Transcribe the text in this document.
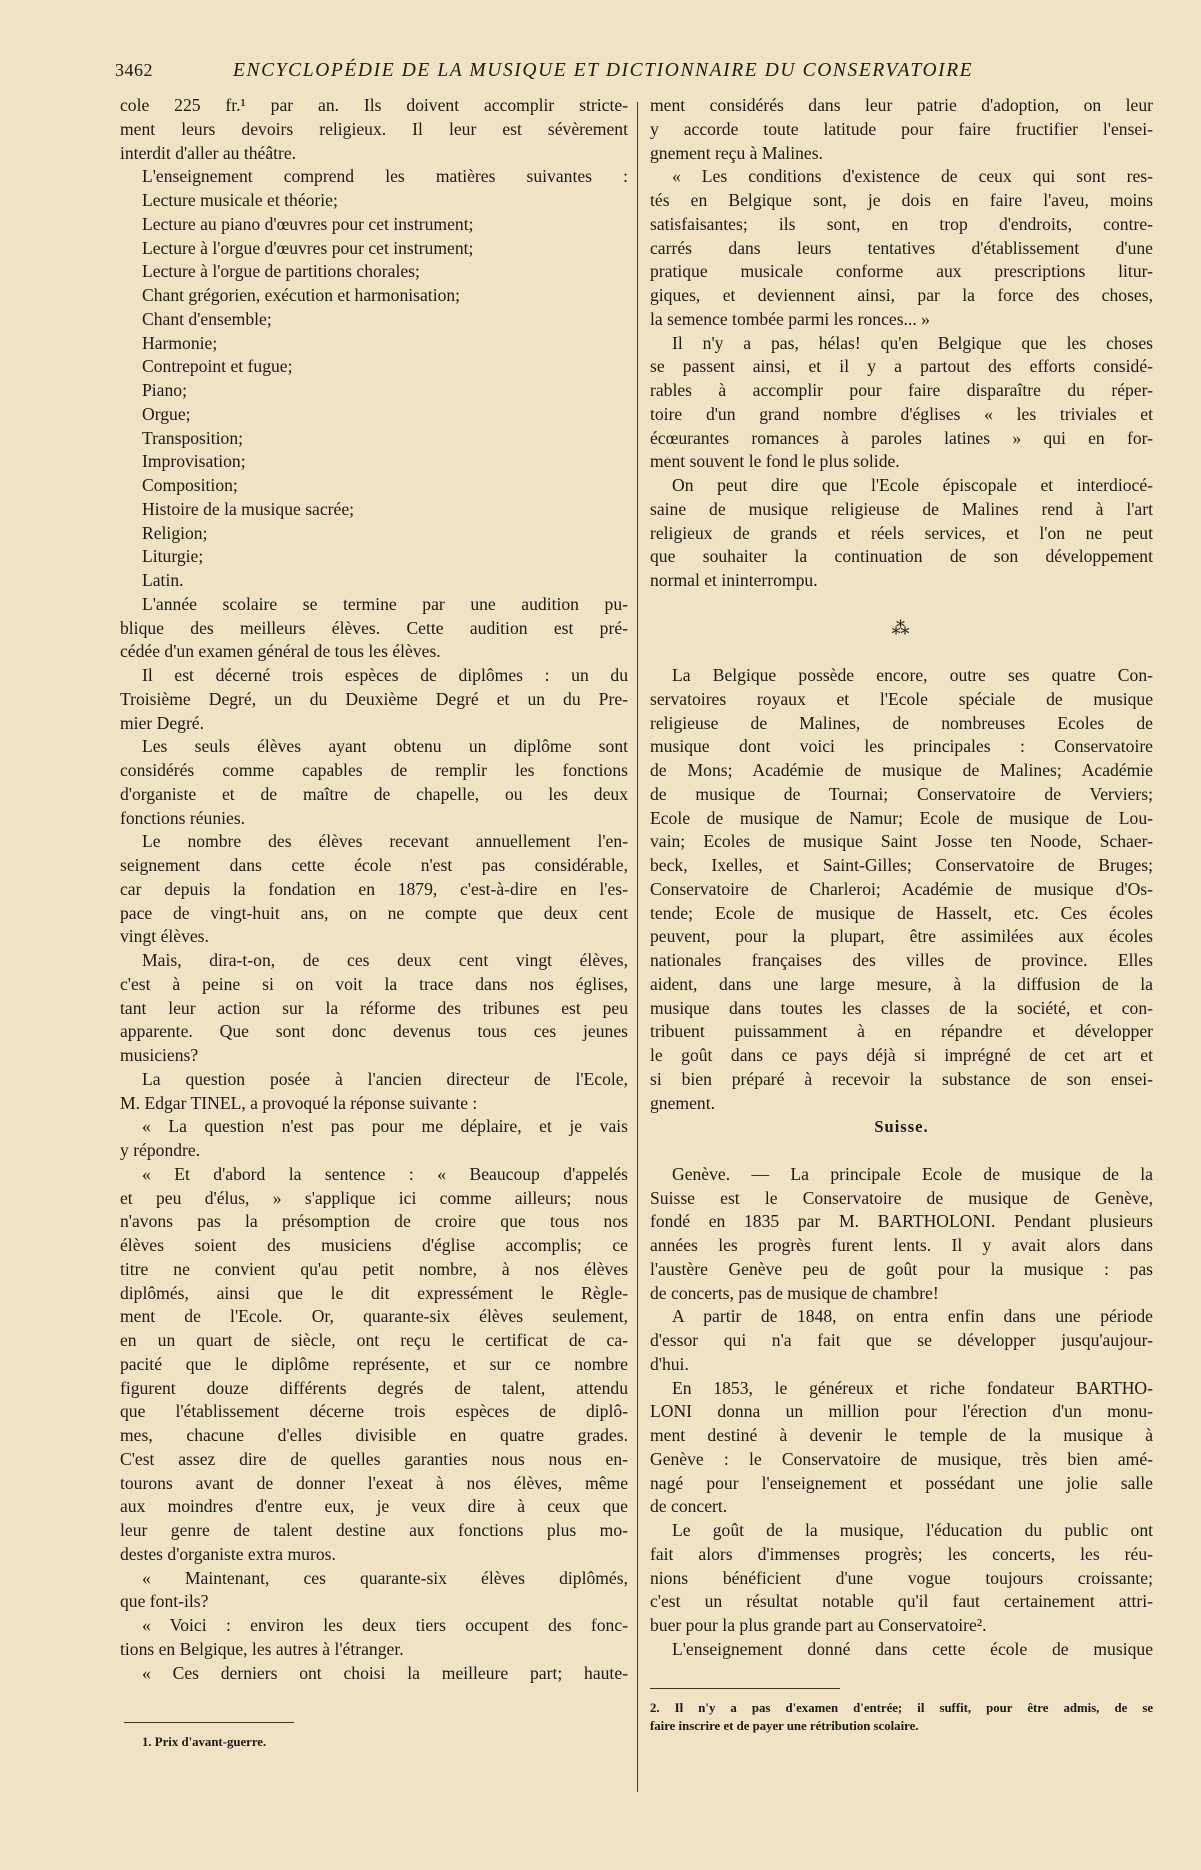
3462	ENCYCLOPÉDIE DE LA MUSIQUE ET DICTIONNAIRE DU CONSERVATOIRE
cole 225 fr.¹ par an. Ils doivent accomplir stricte-
ment leurs devoirs religieux. Il leur est sévèrement
interdit d'aller au théâtre.
L'enseignement comprend les matières suivantes :
Lecture musicale et théorie;
Lecture au piano d'œuvres pour cet instrument;
Lecture à l'orgue d'œuvres pour cet instrument;
Lecture à l'orgue de partitions chorales;
Chant grégorien, exécution et harmonisation;
Chant d'ensemble;
Harmonie;
Contrepoint et fugue;
Piano;
Orgue;
Transposition;
Improvisation;
Composition;
Histoire de la musique sacrée;
Religion;
Liturgie;
Latin.
L'année scolaire se termine par une audition pu-
blique des meilleurs élèves. Cette audition est pré-
cédée d'un examen général de tous les élèves.
Il est décerné trois espèces de diplômes : un du
Troisième Degré, un du Deuxième Degré et un du Pre-
mier Degré.
Les seuls élèves ayant obtenu un diplôme sont
considérés comme capables de remplir les fonctions
d'organiste et de maître de chapelle, ou les deux
fonctions réunies.
Le nombre des élèves recevant annuellement l'en-
seignement dans cette école n'est pas considérable,
car depuis la fondation en 1879, c'est-à-dire en l'es-
pace de vingt-huit ans, on ne compte que deux cent
vingt élèves.
Mais, dira-t-on, de ces deux cent vingt élèves,
c'est à peine si on voit la trace dans nos églises,
tant leur action sur la réforme des tribunes est peu
apparente. Que sont donc devenus tous ces jeunes
musiciens?
La question posée à l'ancien directeur de l'Ecole,
M. Edgar TINEL, a provoqué la réponse suivante :
« La question n'est pas pour me déplaire, et je vais
y répondre.
« Et d'abord la sentence : « Beaucoup d'appelés
et peu d'élus, » s'applique ici comme ailleurs; nous
n'avons pas la présomption de croire que tous nos
élèves soient des musiciens d'église accomplis; ce
titre ne convient qu'au petit nombre, à nos élèves
diplômés, ainsi que le dit expressément le Règle-
ment de l'Ecole. Or, quarante-six élèves seulement,
en un quart de siècle, ont reçu le certificat de ca-
pacité que le diplôme représente, et sur ce nombre
figurent douze différents degrés de talent, attendu
que l'établissement décerne trois espèces de diplô-
mes, chacune d'elles divisible en quatre grades.
C'est assez dire de quelles garanties nous nous en-
tourons avant de donner l'exeat à nos élèves, même
aux moindres d'entre eux, je veux dire à ceux que
leur genre de talent destine aux fonctions plus mo-
destes d'organiste extra muros.
« Maintenant, ces quarante-six élèves diplômés,
que font-ils?
« Voici : environ les deux tiers occupent des fonc-
tions en Belgique, les autres à l'étranger.
« Ces derniers ont choisi la meilleure part; haute-
1. Prix d'avant-guerre.
ment considérés dans leur patrie d'adoption, on leur
y accorde toute latitude pour faire fructifier l'ensei-
gnement reçu à Malines.
« Les conditions d'existence de ceux qui sont res-
tés en Belgique sont, je dois en faire l'aveu, moins
satisfaisantes; ils sont, en trop d'endroits, contre-
carrés dans leurs tentatives d'établissement d'une
pratique musicale conforme aux prescriptions litur-
giques, et deviennent ainsi, par la force des choses,
la semence tombée parmi les ronces... »
Il n'y a pas, hélas! qu'en Belgique que les choses
se passent ainsi, et il y a partout des efforts considé-
rables à accomplir pour faire disparaître du réper-
toire d'un grand nombre d'églises « les triviales et
écœurantes romances à paroles latines » qui en for-
ment souvent le fond le plus solide.
On peut dire que l'Ecole épiscopale et interdiocé-
saine de musique religieuse de Malines rend à l'art
religieux de grands et réels services, et l'on ne peut
que souhaiter la continuation de son développement
normal et ininterrompu.
⁂
La Belgique possède encore, outre ses quatre Con-
servatoires royaux et l'Ecole spéciale de musique
religieuse de Malines, de nombreuses Ecoles de
musique dont voici les principales : Conservatoire
de Mons; Académie de musique de Malines; Académie
de musique de Tournai; Conservatoire de Verviers;
Ecole de musique de Namur; Ecole de musique de Lou-
vain; Ecoles de musique Saint Josse ten Noode, Schaer-
beck, Ixelles, et Saint-Gilles; Conservatoire de Bruges;
Conservatoire de Charleroi; Académie de musique d'Os-
tende; Ecole de musique de Hasselt, etc. Ces écoles
peuvent, pour la plupart, être assimilées aux écoles
nationales françaises des villes de province. Elles
aident, dans une large mesure, à la diffusion de la
musique dans toutes les classes de la société, et con-
tribuent puissamment à en répandre et développer
le goût dans ce pays déjà si imprégné de cet art et
si bien préparé à recevoir la substance de son ensei-
gnement.
Suisse.
Genève. — La principale Ecole de musique de la
Suisse est le Conservatoire de musique de Genève,
fondé en 1835 par M. BARTHOLONI. Pendant plusieurs
années les progrès furent lents. Il y avait alors dans
l'austère Genève peu de goût pour la musique : pas
de concerts, pas de musique de chambre!
A partir de 1848, on entra enfin dans une période
d'essor qui n'a fait que se développer jusqu'aujour-
d'hui.
En 1853, le généreux et riche fondateur BARTHO-
LONI donna un million pour l'érection d'un monu-
ment destiné à devenir le temple de la musique à
Genève : le Conservatoire de musique, très bien amé-
nagé pour l'enseignement et possédant une jolie salle
de concert.
Le goût de la musique, l'éducation du public ont
fait alors d'immenses progrès; les concerts, les réu-
nions bénéficient d'une vogue toujours croissante;
c'est un résultat notable qu'il faut certainement attri-
buer pour la plus grande part au Conservatoire².
L'enseignement donné dans cette école de musique
2. Il n'y a pas d'examen d'entrée; il suffit, pour être admis, de se
faire inscrire et de payer une rétribution scolaire.
